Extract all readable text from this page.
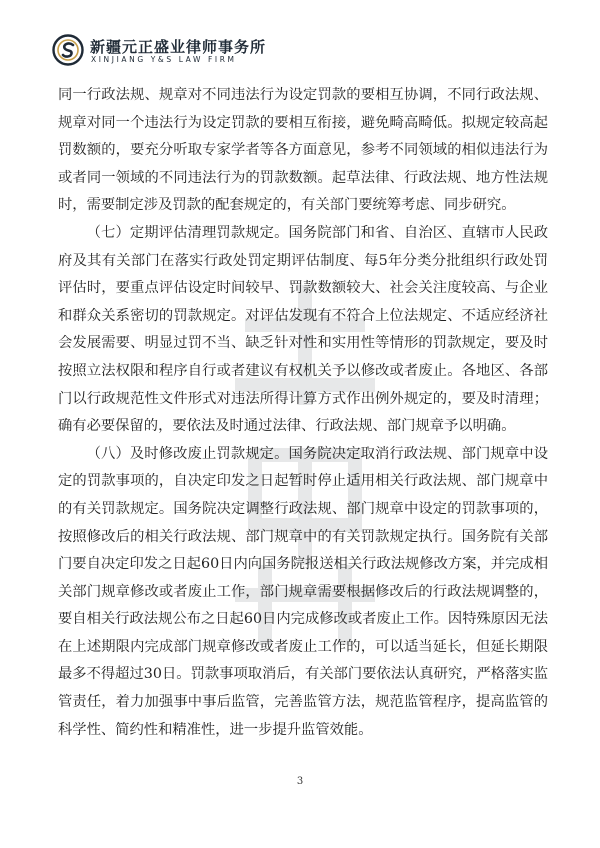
新疆元正盛业律师事务所
XINJIANG Y&S LAW FIRM

同一行政法规、规章对不同违法行为设定罚款的要相互协调，不同行政法规、规章对同一个违法行为设定罚款的要相互衔接，避免畸高畸低。拟规定较高起罚数额的，要充分听取专家学者等各方面意见，参考不同领域的相似违法行为或者同一领域的不同违法行为的罚款数额。起草法律、行政法规、地方性法规时，需要制定涉及罚款的配套规定的，有关部门要统筹考虑、同步研究。

（七）定期评估清理罚款规定。国务院部门和省、自治区、直辖市人民政府及其有关部门在落实行政处罚定期评估制度、每5年分类分批组织行政处罚评估时，要重点评估设定时间较早、罚款数额较大、社会关注度较高、与企业和群众关系密切的罚款规定。对评估发现有不符合上位法规定、不适应经济社会发展需要、明显过罚不当、缺乏针对性和实用性等情形的罚款规定，要及时按照立法权限和程序自行或者建议有权机关予以修改或者废止。各地区、各部门以行政规范性文件形式对违法所得计算方式作出例外规定的，要及时清理；确有必要保留的，要依法及时通过法律、行政法规、部门规章予以明确。

（八）及时修改废止罚款规定。国务院决定取消行政法规、部门规章中设定的罚款事项的，自决定印发之日起暂时停止适用相关行政法规、部门规章中的有关罚款规定。国务院决定调整行政法规、部门规章中设定的罚款事项的，按照修改后的相关行政法规、部门规章中的有关罚款规定执行。国务院有关部门要自决定印发之日起60日内向国务院报送相关行政法规修改方案，并完成相关部门规章修改或者废止工作，部门规章需要根据修改后的行政法规调整的，要自相关行政法规公布之日起60日内完成修改或者废止工作。因特殊原因无法在上述期限内完成部门规章修改或者废止工作的，可以适当延长，但延长期限最多不得超过30日。罚款事项取消后，有关部门要依法认真研究，严格落实监管责任，着力加强事中事后监管，完善监管方法，规范监管程序，提高监管的科学性、简约性和精准性，进一步提升监管效能。

3
